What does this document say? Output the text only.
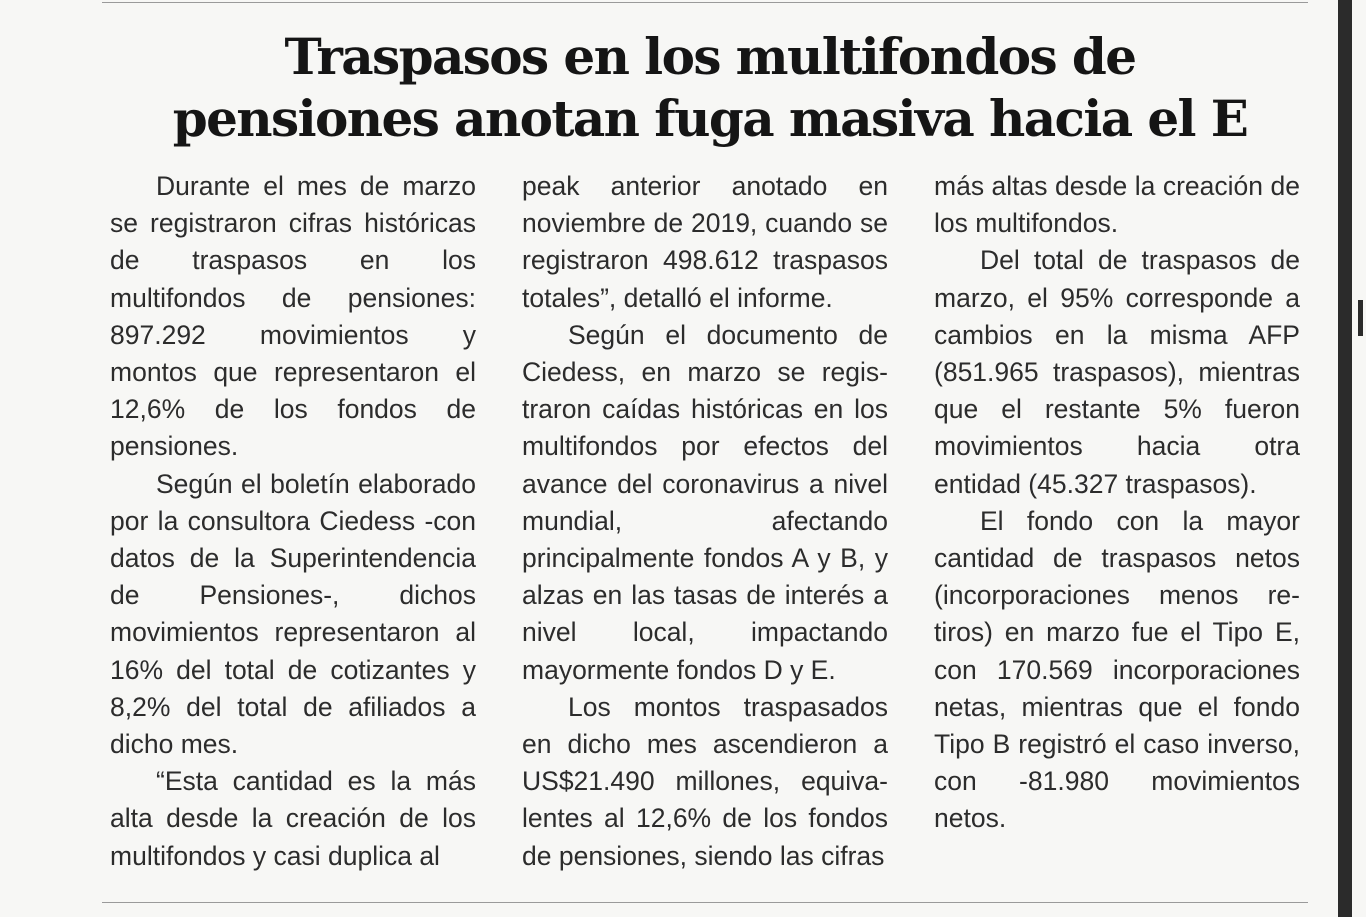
Traspasos en los multifondos de
pensiones anotan fuga masiva hacia el E

Durante el mes de marzo se registraron cifras históricas de traspasos en los multifondos de pensiones: 897.292 movimientos y montos que representaron el 12,6% de los fondos de pensiones.

Según el boletín elaborado por la consultora Ciedess -con datos de la Superintendencia de Pensiones-, dichos movimientos representaron al 16% del total de cotizantes y 8,2% del total de afiliados a dicho mes.

“Esta cantidad es la más alta desde la creación de los multifondos y casi duplica al

peak anterior anotado en noviembre de 2019, cuando se registraron 498.612 traspasos totales”, detalló el informe.

Según el documento de Ciedess, en marzo se registraron caídas históricas en los multifondos por efectos del avance del coronavirus a nivel mundial, afectando principalmente fondos A y B, y alzas en las tasas de interés a nivel local, impactando mayormente fondos D y E.

Los montos traspasados en dicho mes ascendieron a US$21.490 millones, equivalentes al 12,6% de los fondos de pensiones, siendo las cifras

más altas desde la creación de los multifondos.

Del total de traspasos de marzo, el 95% corresponde a cambios en la misma AFP (851.965 traspasos), mientras que el restante 5% fueron movimientos hacia otra entidad (45.327 traspasos).

El fondo con la mayor cantidad de traspasos netos (incorporaciones menos retiros) en marzo fue el Tipo E, con 170.569 incorporaciones netas, mientras que el fondo Tipo B registró el caso inverso, con -81.980 movimientos netos.
